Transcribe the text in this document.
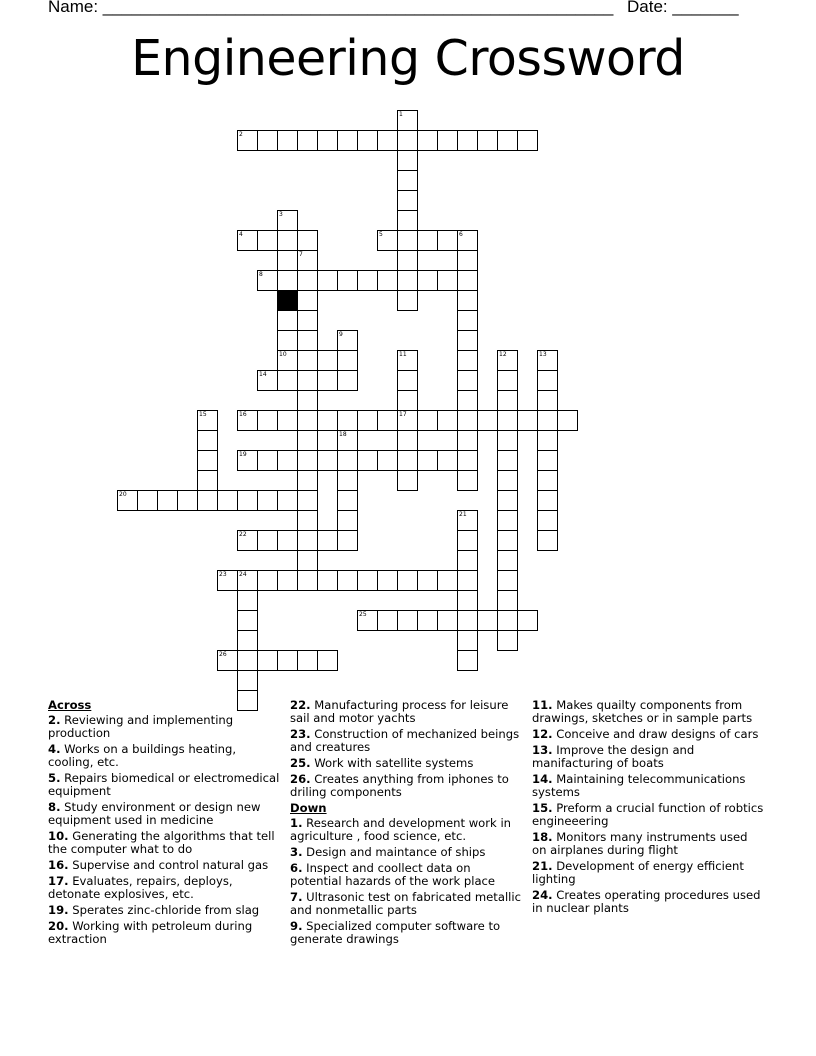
Name: ______________________________________________________ Date: _______
Engineering Crossword
1
2
3
4	5	6
7
8
9
10	11	12	13
14
15	16	17
18
19
20
21
22
23 24
25
26
Across
2. Reviewing and implementing production
4. Works on a buildings heating, cooling, etc.
5. Repairs biomedical or electromedical equipment
8. Study environment or design new equipment used in medicine
10. Generating the algorithms that tell the computer what to do
16. Supervise and control natural gas
17. Evaluates, repairs, deploys, detonate explosives, etc.
19. Sperates zinc-chloride from slag
20. Working with petroleum during extraction
22. Manufacturing process for leisure sail and motor yachts
23. Construction of mechanized beings and creatures
25. Work with satellite systems
26. Creates anything from iphones to driling components
Down
1. Research and development work in agriculture , food science, etc.
3. Design and maintance of ships
6. Inspect and coollect data on potential hazards of the work place
7. Ultrasonic test on fabricated metallic and nonmetallic parts
9. Specialized computer software to generate drawings
11. Makes quailty components from drawings, sketches or in sample parts
12. Conceive and draw designs of cars
13. Improve the design and manifacturing of boats
14. Maintaining telecommunications systems
15. Preform a crucial function of robtics engineeering
18. Monitors many instruments used on airplanes during flight
21. Development of energy efficient lighting
24. Creates operating procedures used in nuclear plants
